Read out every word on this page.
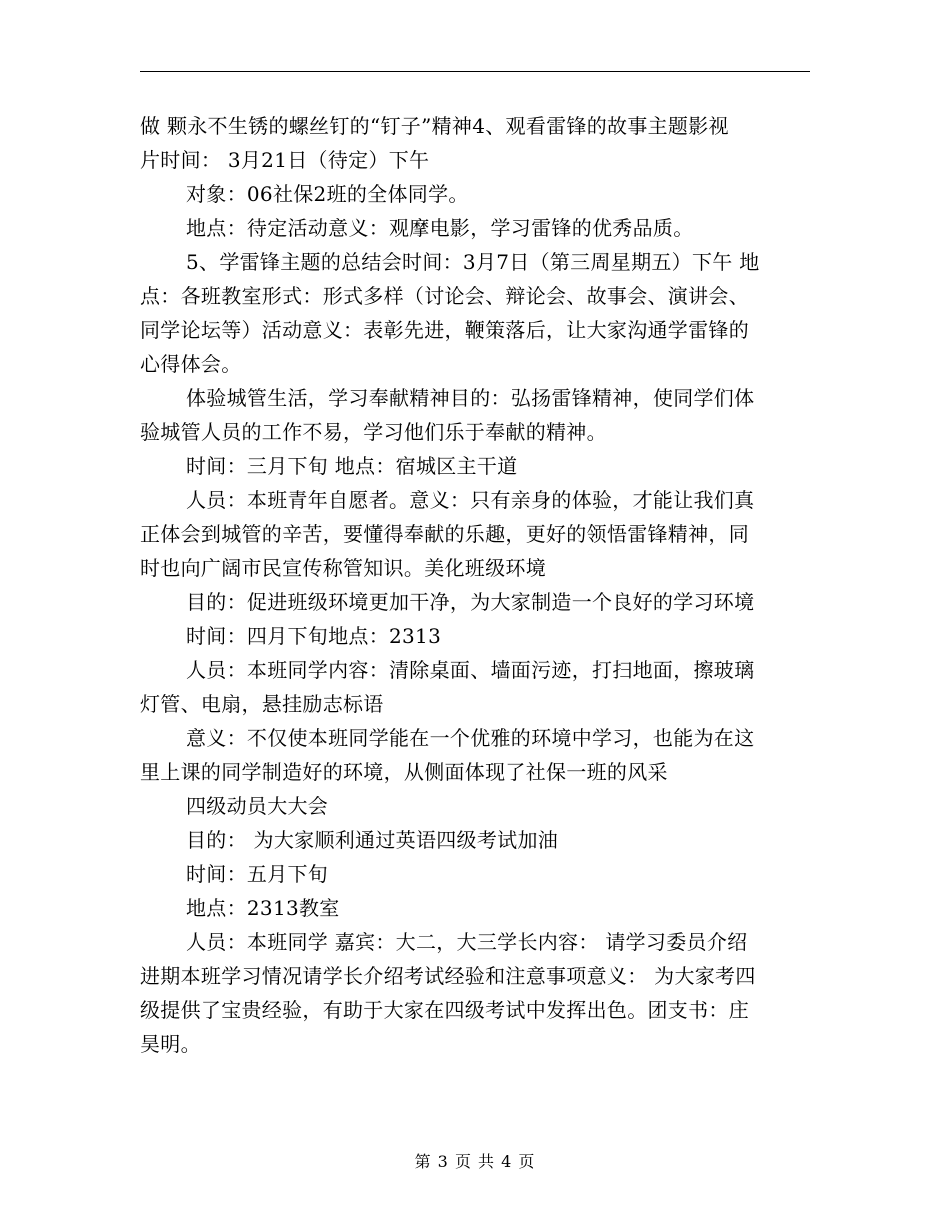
做 颗永不生锈的螺丝钉的“钉子”精神4、观看雷锋的故事主题影视
片时间： 3月21日（待定）下午
对象：06社保2班的全体同学。
地点：待定活动意义：观摩电影，学习雷锋的优秀品质。
5、学雷锋主题的总结会时间：3月7日（第三周星期五）下午 地
点：各班教室形式：形式多样（讨论会、辩论会、故事会、演讲会、
同学论坛等）活动意义：表彰先进，鞭策落后，让大家沟通学雷锋的
心得体会。
体验城管生活，学习奉献精神目的：弘扬雷锋精神，使同学们体
验城管人员的工作不易，学习他们乐于奉献的精神。
时间：三月下旬 地点：宿城区主干道
人员：本班青年自愿者。意义：只有亲身的体验，才能让我们真
正体会到城管的辛苦，要懂得奉献的乐趣，更好的领悟雷锋精神，同
时也向广阔市民宣传称管知识。美化班级环境
目的：促进班级环境更加干净，为大家制造一个良好的学习环境
时间：四月下旬地点：2313
人员：本班同学内容：清除桌面、墙面污迹，打扫地面，擦玻璃
灯管、电扇，悬挂励志标语
意义：不仅使本班同学能在一个优雅的环境中学习，也能为在这
里上课的同学制造好的环境，从侧面体现了社保一班的风采
四级动员大大会
目的： 为大家顺利通过英语四级考试加油
时间：五月下旬
地点：2313教室
人员：本班同学 嘉宾：大二，大三学长内容： 请学习委员介绍
进期本班学习情况请学长介绍考试经验和注意事项意义： 为大家考四
级提供了宝贵经验，有助于大家在四级考试中发挥出色。团支书：庄
昊明。
第 3 页 共 4 页
